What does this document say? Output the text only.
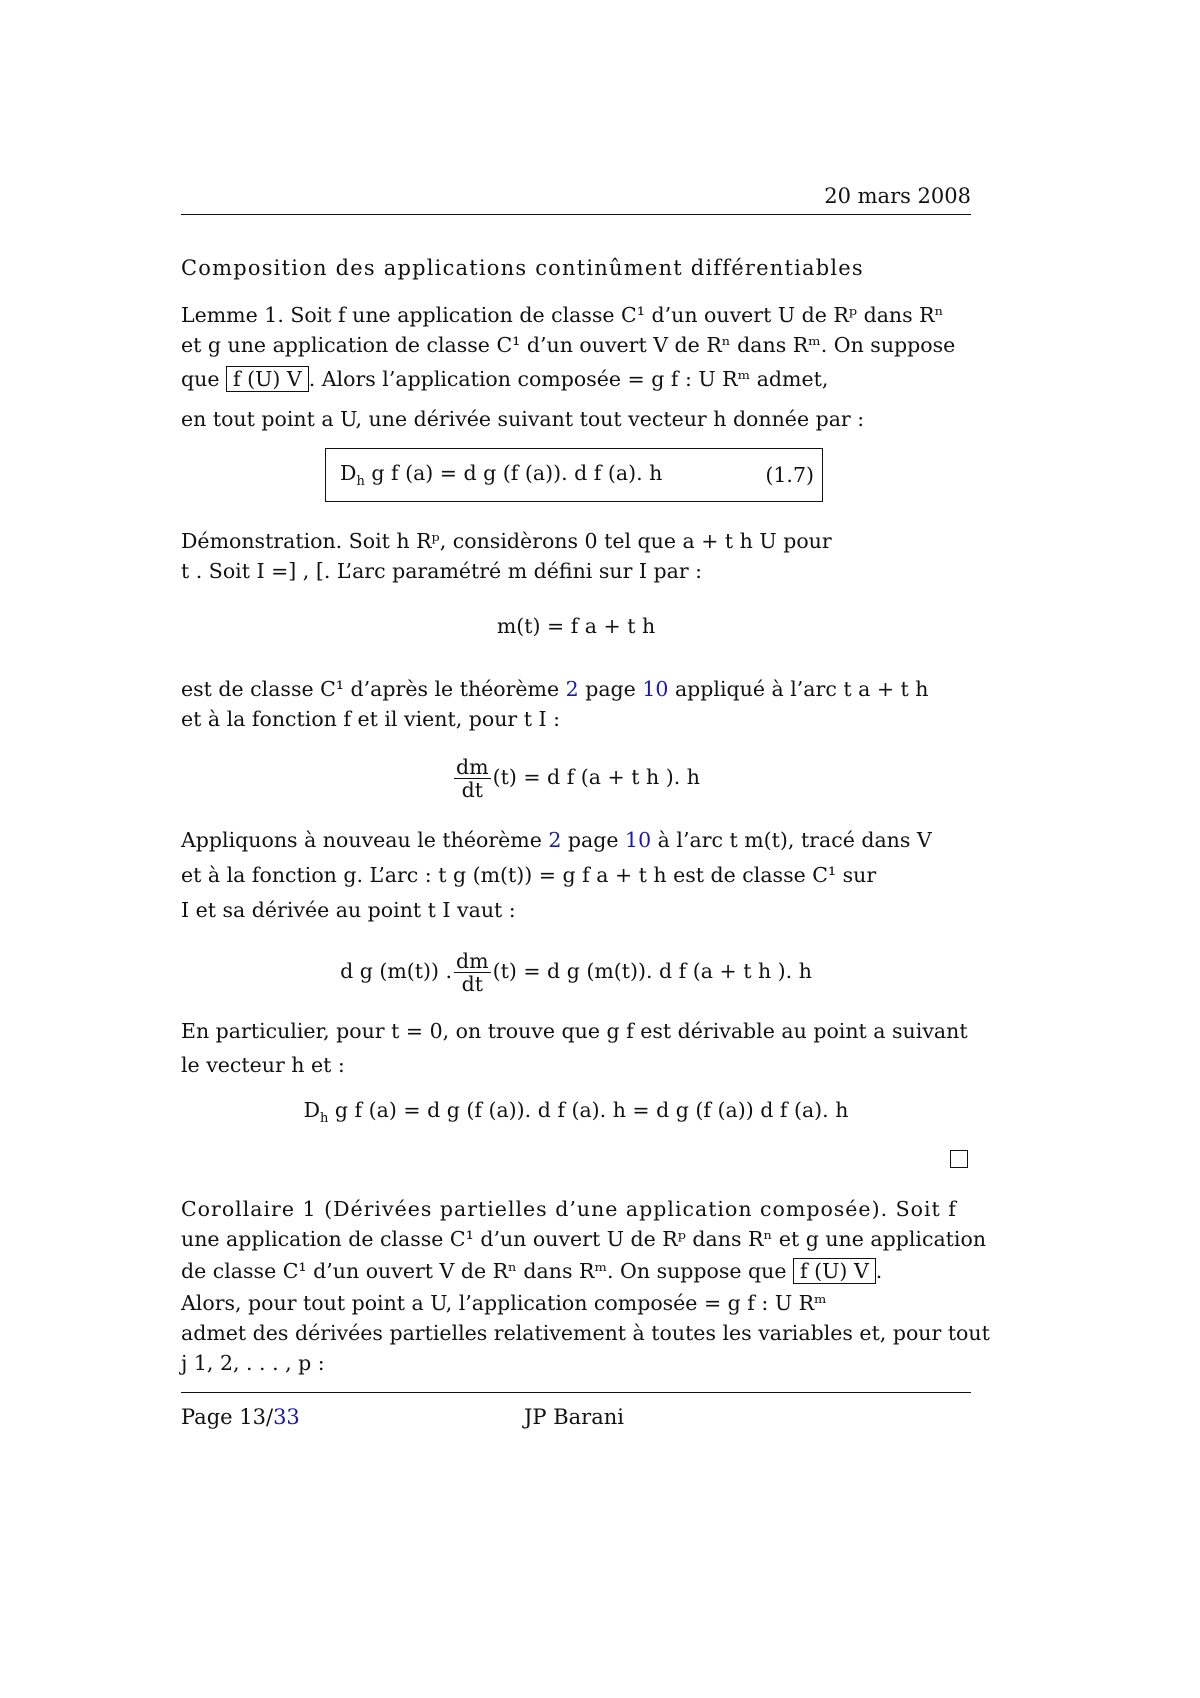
20 mars 2008
Composition des applications continûment différentiables
Lemme 1. Soit f une application de classe C¹ d’un ouvert U de Rᵖ dans Rⁿ
et g une application de classe C¹ d’un ouvert V de Rⁿ dans Rᵐ. On suppose
que f (U) V . Alors l’application composée = g f : U Rᵐ admet,
en tout point a U, une dérivée suivant tout vecteur h donnée par :
$D_h$ g f (a) = d g (f (a)). d f (a). h	(1.7)
Démonstration. Soit h Rᵖ, considèrons 0 tel que a + t h U pour
t . Soit I =] , [. L’arc paramétré m défini sur I par :
m(t) = f a + t h
est de classe C¹ d’après le théorème 2 page 10 appliqué à l’arc t a + t h
et à la fonction f et il vient, pour t I :
$\frac{dm}{dt} (t) = d$ f (a + t h ). h
Appliquons à nouveau le théorème 2 page 10 à l’arc t m(t), tracé dans V
et à la fonction g. L’arc : t g (m(t)) = g f a + t h est de classe C¹ sur
I et sa dérivée au point t I vaut :
d g (m(t)) . $\frac{dm}{dt} (t) = d$ g (m(t)). d f (a + t h ). h
En particulier, pour t = 0, on trouve que g f est dérivable au point a suivant
le vecteur h et :
$D_h$ g f (a) = d g (f (a)). d f (a). h = d g (f (a)) d f (a). h
Corollaire 1 (Dérivées partielles d’une application composée). Soit f
une application de classe C¹ d’un ouvert U de Rᵖ dans Rⁿ et g une application
de classe C¹ d’un ouvert V de Rⁿ dans Rᵐ. On suppose que f (U) V .
Alors, pour tout point a U, l’application composée = g f : U Rᵐ
admet des dérivées partielles relativement à toutes les variables et, pour tout
j 1, 2, . . . , p :
Page 13/33	JP Barani
